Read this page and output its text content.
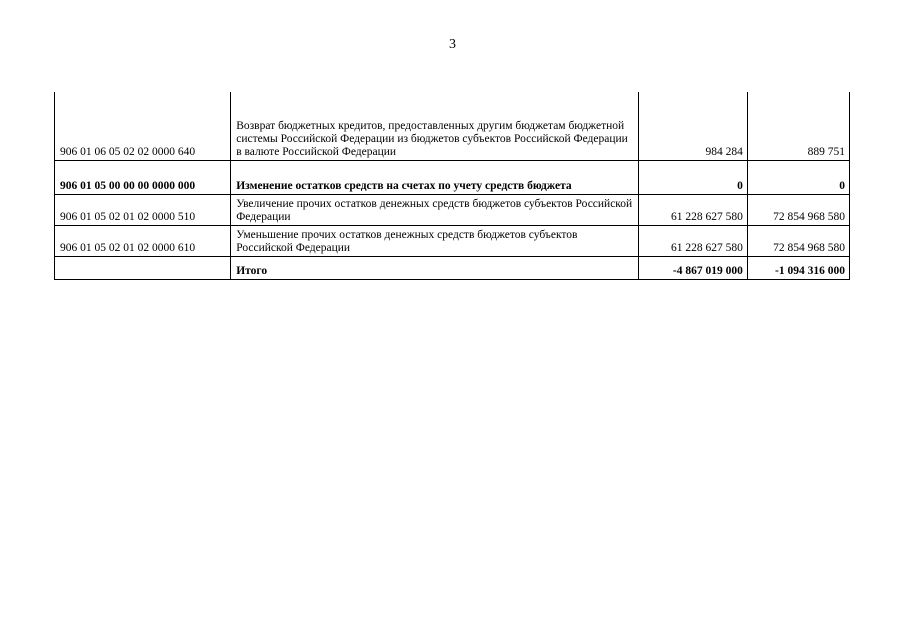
3
906 01 06 05 02 02 0000 640	Возврат бюджетных кредитов, предоставленных другим бюджетам бюджетной системы Российской Федерации из бюджетов субъектов Российской Федерации в валюте Российской Федерации	984 284	889 751
906 01 05 00 00 00 0000 000	Изменение остатков средств на счетах по учету средств бюджета	0	0
906 01 05 02 01 02 0000 510	Увеличение прочих остатков денежных средств бюджетов субъектов Российской Федерации	61 228 627 580	72 854 968 580
906 01 05 02 01 02 0000 610	Уменьшение прочих остатков денежных средств бюджетов субъектов Российской Федерации	61 228 627 580	72 854 968 580
	Итого	-4 867 019 000	-1 094 316 000
